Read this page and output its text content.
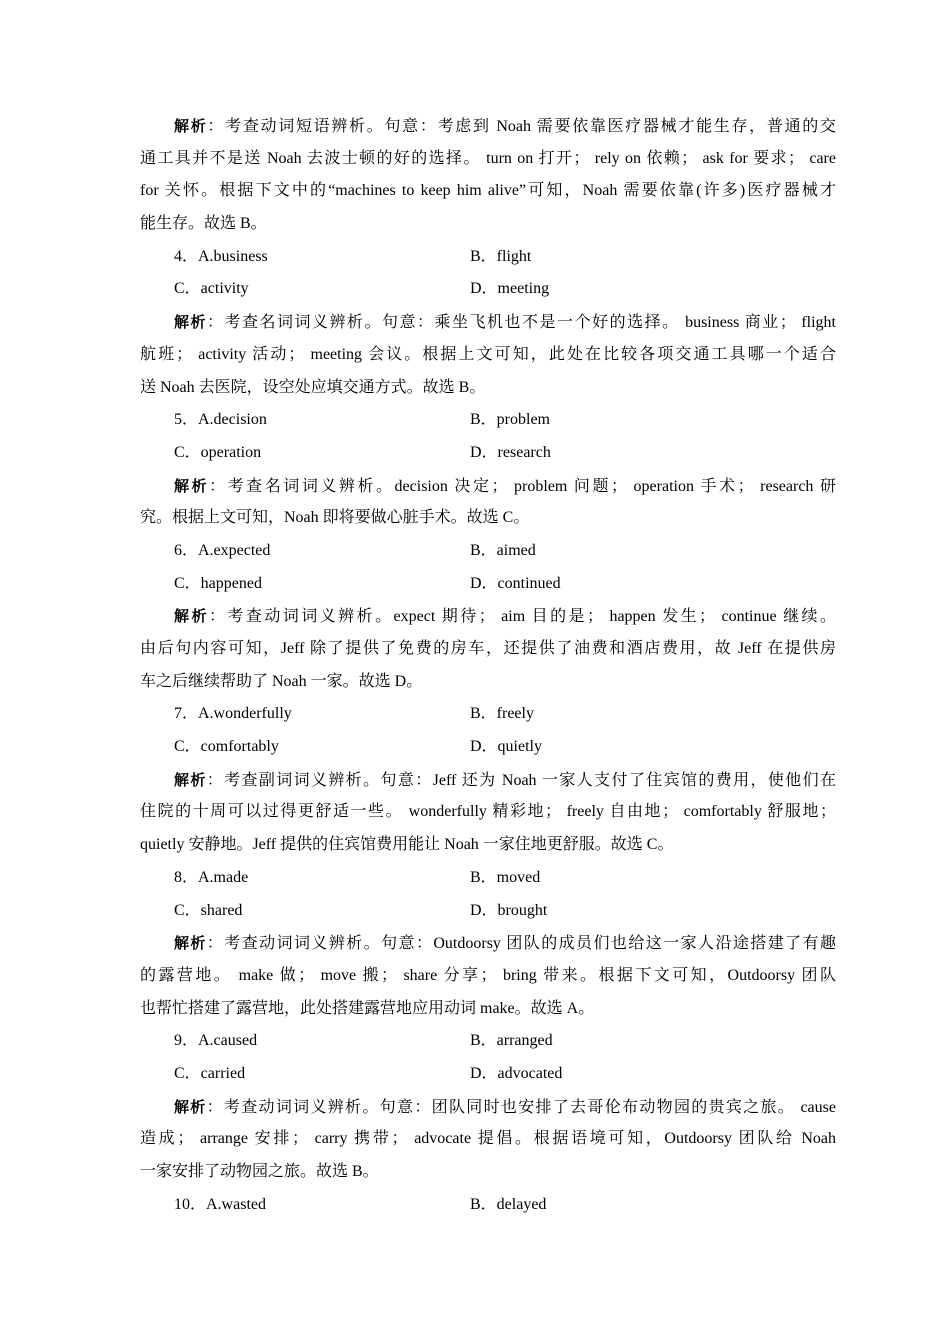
解析：考查动词短语辨析。句意：考虑到 Noah 需要依靠医疗器械才能生存，普通的交
通工具并不是送 Noah 去波士顿的好的选择。 turn on 打开； rely on 依赖； ask for 要求； care
for 关怀。根据下文中的“machines to keep him alive”可知，Noah 需要依靠(许多)医疗器械才
能生存。故选 B。
4．A.business	B．flight
C．activity	D．meeting
解析：考查名词词义辨析。句意：乘坐飞机也不是一个好的选择。 business 商业； flight
航班； activity 活动； meeting 会议。根据上文可知，此处在比较各项交通工具哪一个适合
送 Noah 去医院，设空处应填交通方式。故选 B。
5．A.decision	B．problem
C．operation	D．research
解析：考查名词词义辨析。decision 决定； problem 问题； operation 手术； research 研
究。根据上文可知，Noah 即将要做心脏手术。故选 C。
6．A.expected	B．aimed
C．happened	D．continued
解析：考查动词词义辨析。expect 期待； aim 目的是； happen 发生； continue 继续。
由后句内容可知，Jeff 除了提供了免费的房车，还提供了油费和酒店费用，故 Jeff 在提供房
车之后继续帮助了 Noah 一家。故选 D。
7．A.wonderfully	B．freely
C．comfortably	D．quietly
解析：考查副词词义辨析。句意：Jeff 还为 Noah 一家人支付了住宾馆的费用，使他们在
住院的十周可以过得更舒适一些。 wonderfully 精彩地； freely 自由地； comfortably 舒服地；
quietly 安静地。Jeff 提供的住宾馆费用能让 Noah 一家住地更舒服。故选 C。
8．A.made	B．moved
C．shared	D．brought
解析：考查动词词义辨析。句意：Outdoorsy 团队的成员们也给这一家人沿途搭建了有趣
的露营地。 make 做； move 搬； share 分享； bring 带来。根据下文可知，Outdoorsy 团队
也帮忙搭建了露营地，此处搭建露营地应用动词 make。故选 A。
9．A.caused	B．arranged
C．carried	D．advocated
解析：考查动词词义辨析。句意：团队同时也安排了去哥伦布动物园的贵宾之旅。 cause
造成； arrange 安排； carry 携带； advocate 提倡。根据语境可知，Outdoorsy 团队给 Noah
一家安排了动物园之旅。故选 B。
10．A.wasted	B．delayed
